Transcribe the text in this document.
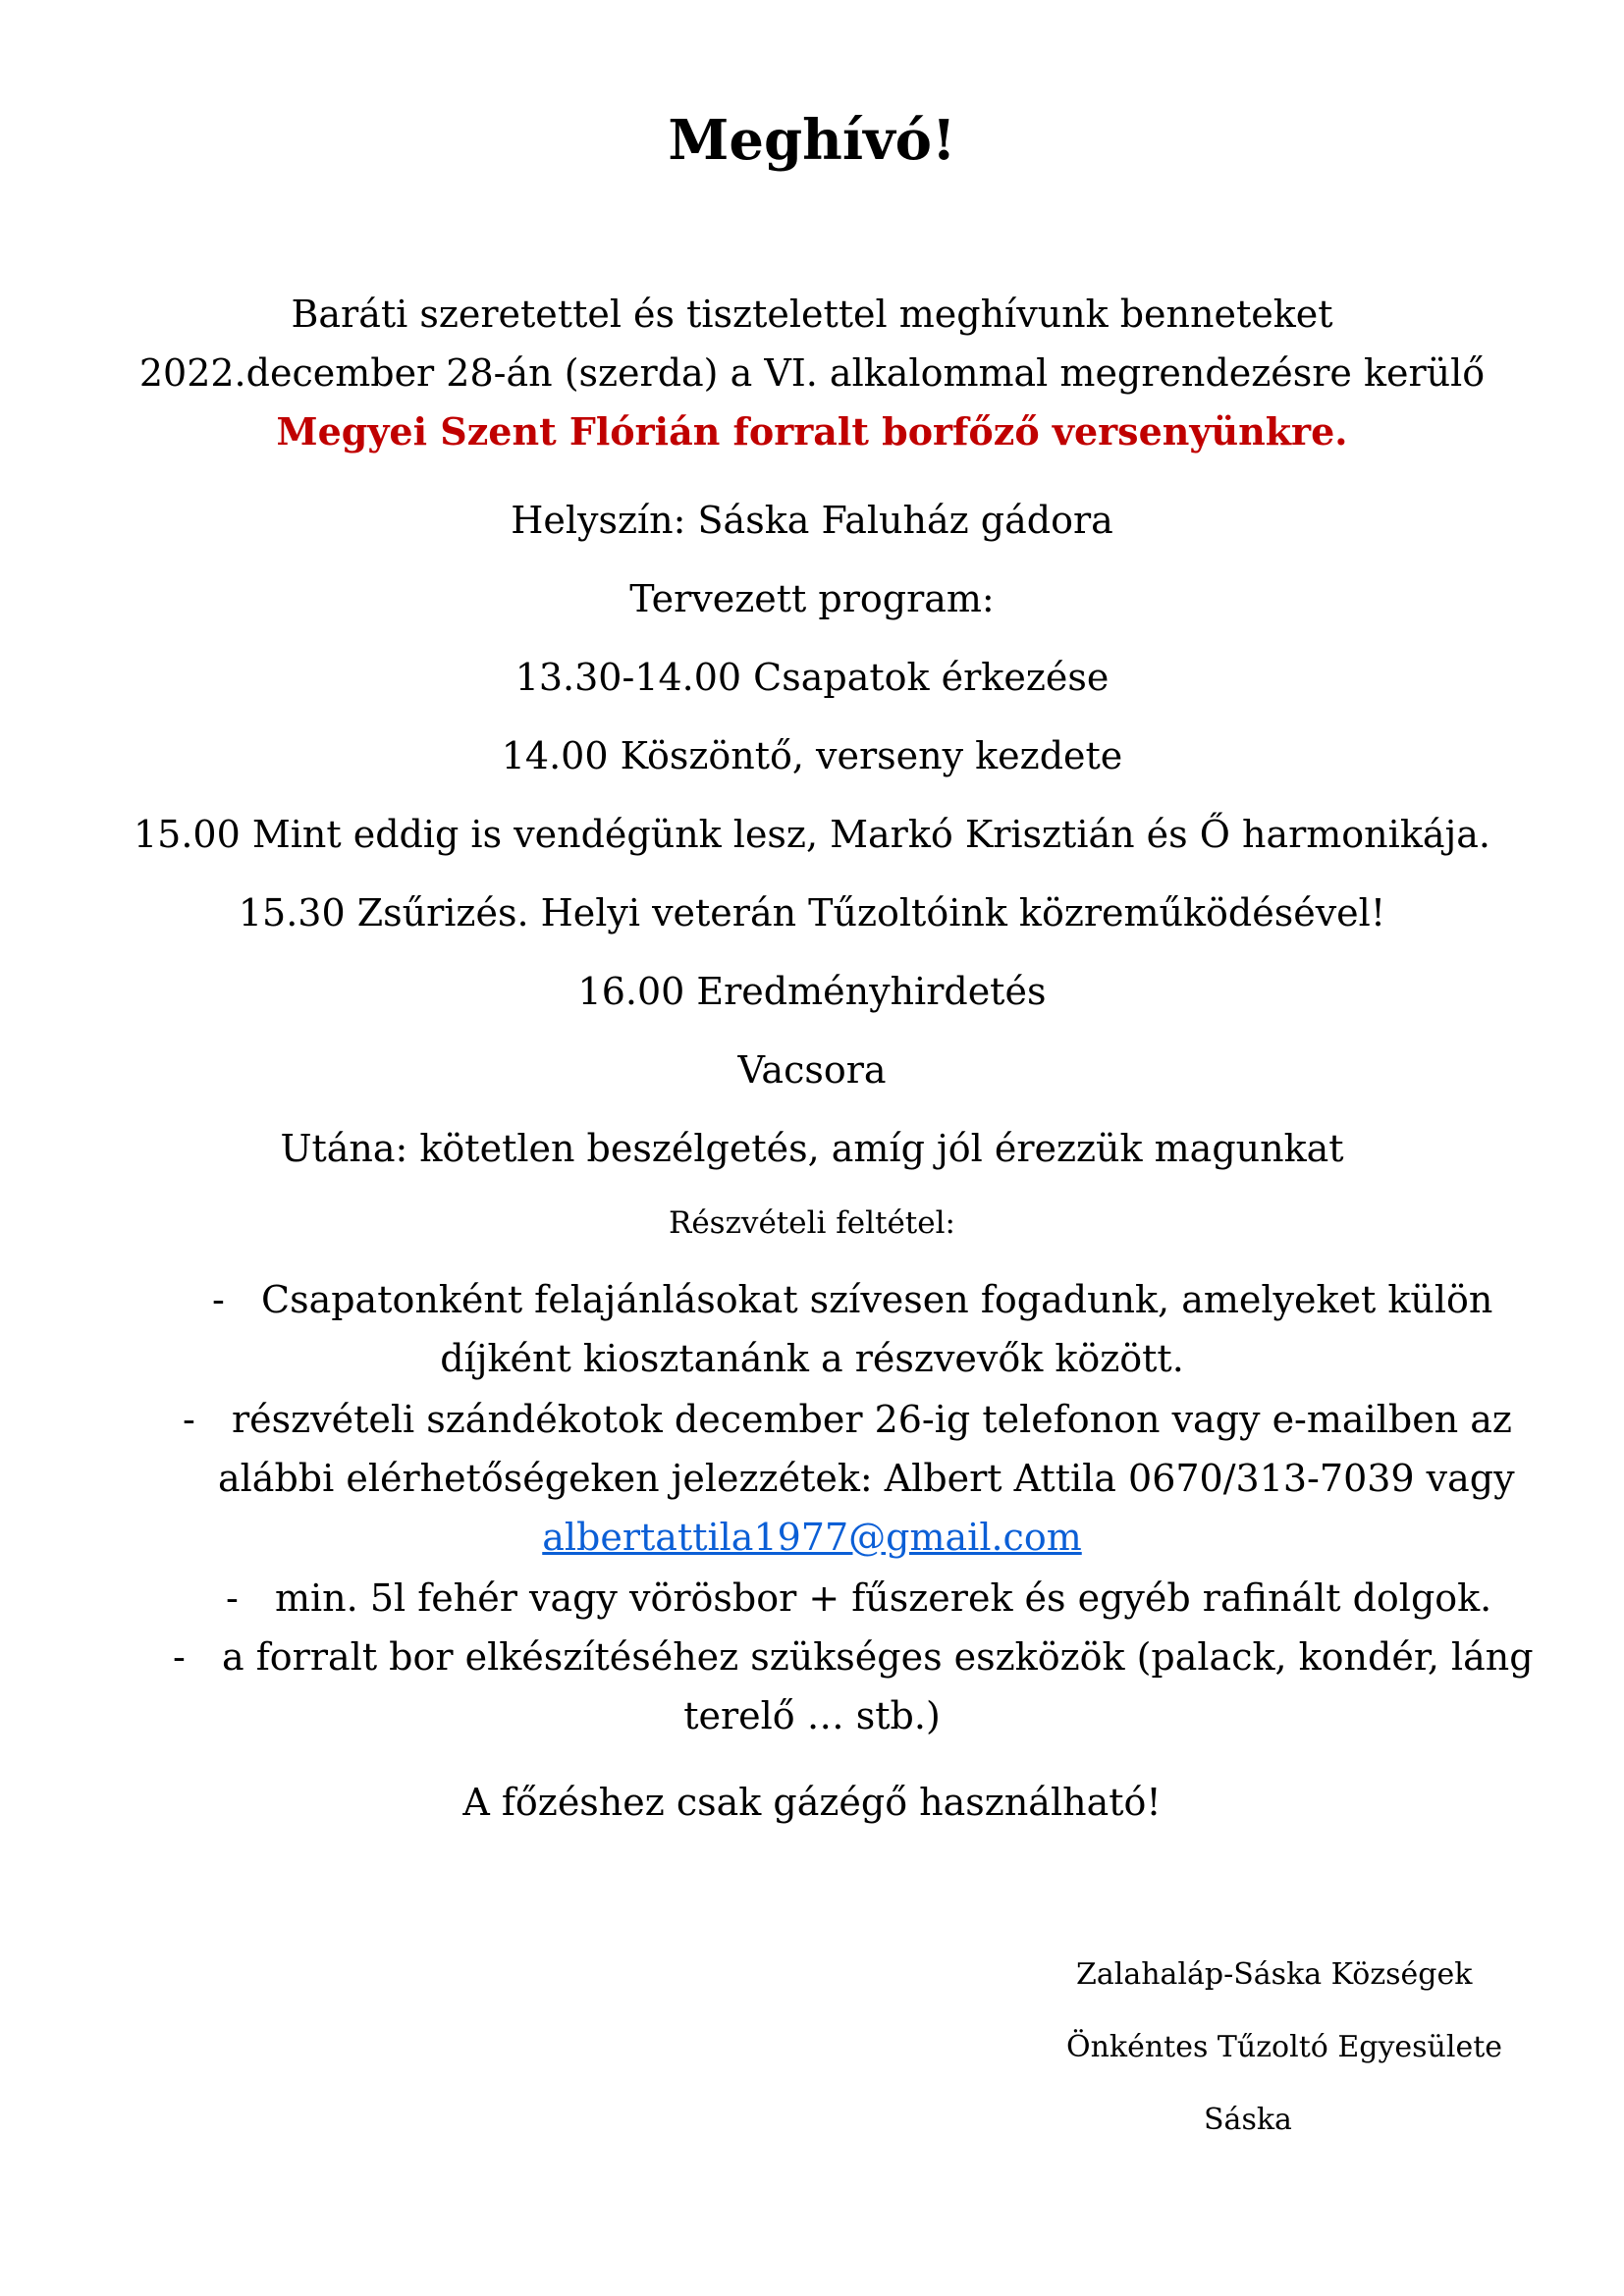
Meghívó!
Baráti szeretettel és tisztelettel meghívunk benneteket
2022.december 28-án (szerda) a VI. alkalommal megrendezésre kerülő
Megyei Szent Flórián forralt borfőző versenyünkre.
Helyszín: Sáska Faluház gádora
Tervezett program:
13.30-14.00 Csapatok érkezése
14.00 Köszöntő, verseny kezdete
15.00 Mint eddig is vendégünk lesz, Markó Krisztián és Ő harmonikája.
15.30 Zsűrizés. Helyi veterán Tűzoltóink közreműködésével!
16.00 Eredményhirdetés
Vacsora
Utána: kötetlen beszélgetés, amíg jól érezzük magunkat
Részvételi feltétel:
- Csapatonként felajánlásokat szívesen fogadunk, amelyeket külön
díjként kiosztanánk a részvevők között.
- részvételi szándékotok december 26-ig telefonon vagy e-mailben az
alábbi elérhetőségeken jelezzétek: Albert Attila 0670/313-7039 vagy
albertattila1977@gmail.com
- min. 5l fehér vagy vörösbor + fűszerek és egyéb rafinált dolgok.
- a forralt bor elkészítéséhez szükséges eszközök (palack, kondér, láng
terelő … stb.)
A főzéshez csak gázégő használható!
Zalahaláp-Sáska Községek
Önkéntes Tűzoltó Egyesülete
Sáska
